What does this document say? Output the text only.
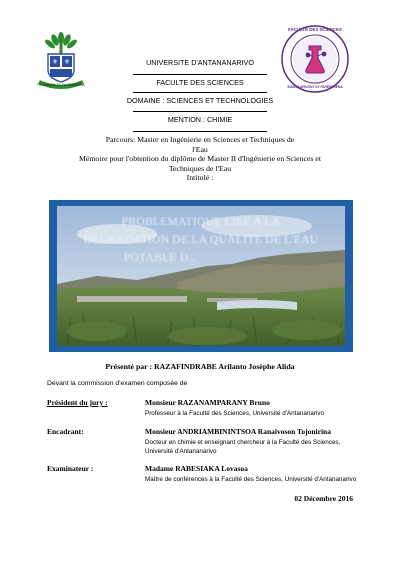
⚜ ⚜
FAHAIZANA SY FAHENDRENA
FACULTE DES SCIENCES
SIANSA ARIVONY SY FAHENDRENA
UNIVERSITE D'ANTANANARIVO
FACULTE DES SCIENCES
DOMAINE : SCIENCES ET TECHNOLOGIES
MENTION : CHIMIE
Parcours: Master en Ingénierie en Sciences et Techniques de
l'Eau
Mémoire pour l'obtention du diplôme de Master II d'Ingénierie en Sciences et
Techniques de l'Eau
Intitulé :
PROBLEMATIQUE LIEE A LA
DEGRADATION DE LA QUALITE DE L'EAU
POTABLE D...
Présenté par : RAZAFINDRABE Arilanto Josèphe Alida
Devant la commission d'examen composée de
Président du jury :	Monsieur RAZANAMPARANY Bruno
Professeur à la Faculté des Sciences, Université d'Antananarivo
Encadrant:	Monsieur ANDRIAMBININTSOA Ranaivoson Tojonirina
Docteur en chimie et enseignant chercheur à la Faculté des Sciences,
Université d'Antananarivo
Examinateur :	Madame RABESIAKA Lovasoa
Maître de conférences à la Faculté des Sciences, Université d'Antananarivo
02 Décembre 2016
